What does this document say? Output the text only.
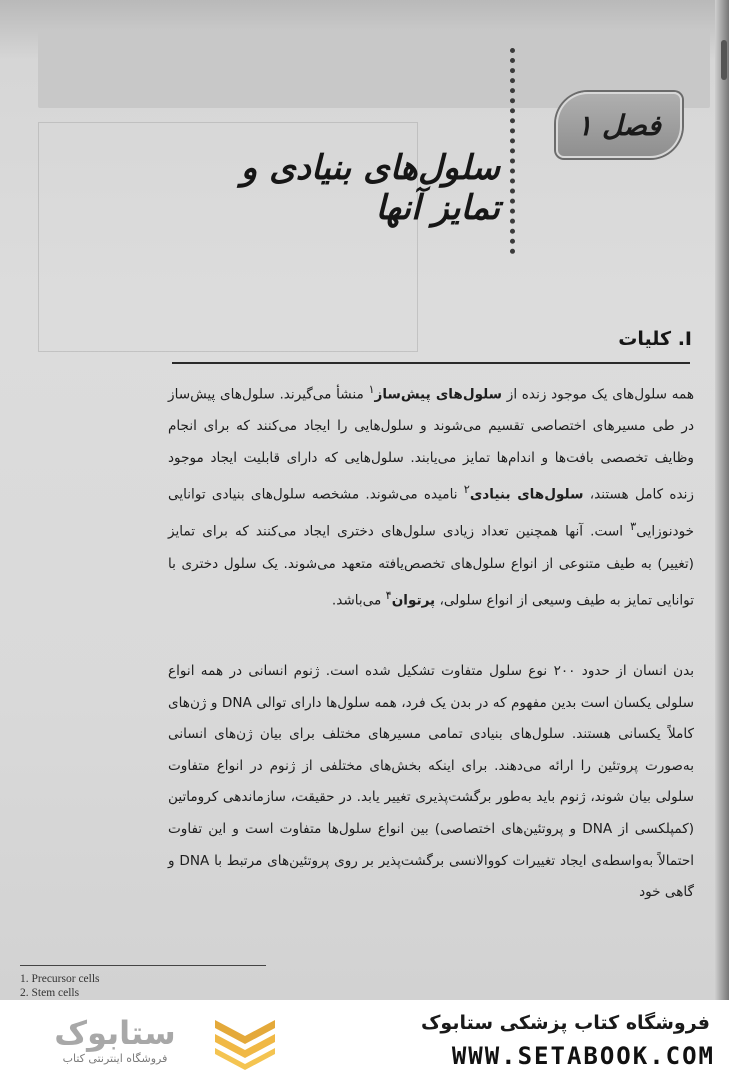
فصل ۱
سلول‌های بنیادی و تمایز آنها
I. کلیات

همه سلول‌های یک موجود زنده از سلول‌های پیش‌ساز$^۱$ منشأ می‌گیرند. سلول‌های پیش‌ساز در طی مسیرهای اختصاصی تقسیم می‌شوند و سلول‌هایی را ایجاد می‌کنند که برای انجام وظایف تخصصی بافت‌ها و اندام‌ها تمایز می‌یابند. سلول‌هایی که دارای قابلیت ایجاد موجود زنده کامل هستند، سلول‌های بنیادی$^۲$ نامیده می‌شوند. مشخصه سلول‌های بنیادی توانایی خودنوزایی$^۳$ است. آنها همچنین تعداد زیادی سلول‌های دختری ایجاد می‌کنند که برای تمایز (تغییر) به طیف متنوعی از انواع سلول‌های تخصص‌یافته متعهد می‌شوند. یک سلول دختری با توانایی تمایز به طیف وسیعی از انواع سلولی، پرتوان$^۴$ می‌باشد.

بدن انسان از حدود ۲۰۰ نوع سلول متفاوت تشکیل شده است. ژنوم انسانی در همه انواع سلولی یکسان است بدین مفهوم که در بدن یک فرد، همه سلول‌ها دارای توالی DNA و ژن‌های کاملاً یکسانی هستند. سلول‌های بنیادی تمامی مسیرهای مختلف برای بیان ژن‌های انسانی به‌صورت پروتئین را ارائه می‌دهند. برای اینکه بخش‌های مختلفی از ژنوم در انواع متفاوت سلولی بیان شوند، ژنوم باید به‌طور برگشت‌پذیری تغییر یابد. در حقیقت، سازماندهی کروماتین (کمپلکسی از DNA و پروتئین‌های اختصاصی) بین انواع سلول‌ها متفاوت است و این تفاوت احتمالاً به‌واسطه‌ی ایجاد تغییرات کووالانسی برگشت‌پذیر بر روی پروتئین‌های مرتبط با DNA و گاهی خود

1. Precursor cells
2. Stem cells
ستابوک
فروشگاه اینترنتی کتاب
فروشگاه کتاب پزشکی ستابوک
WWW.SETABOOK.COM
